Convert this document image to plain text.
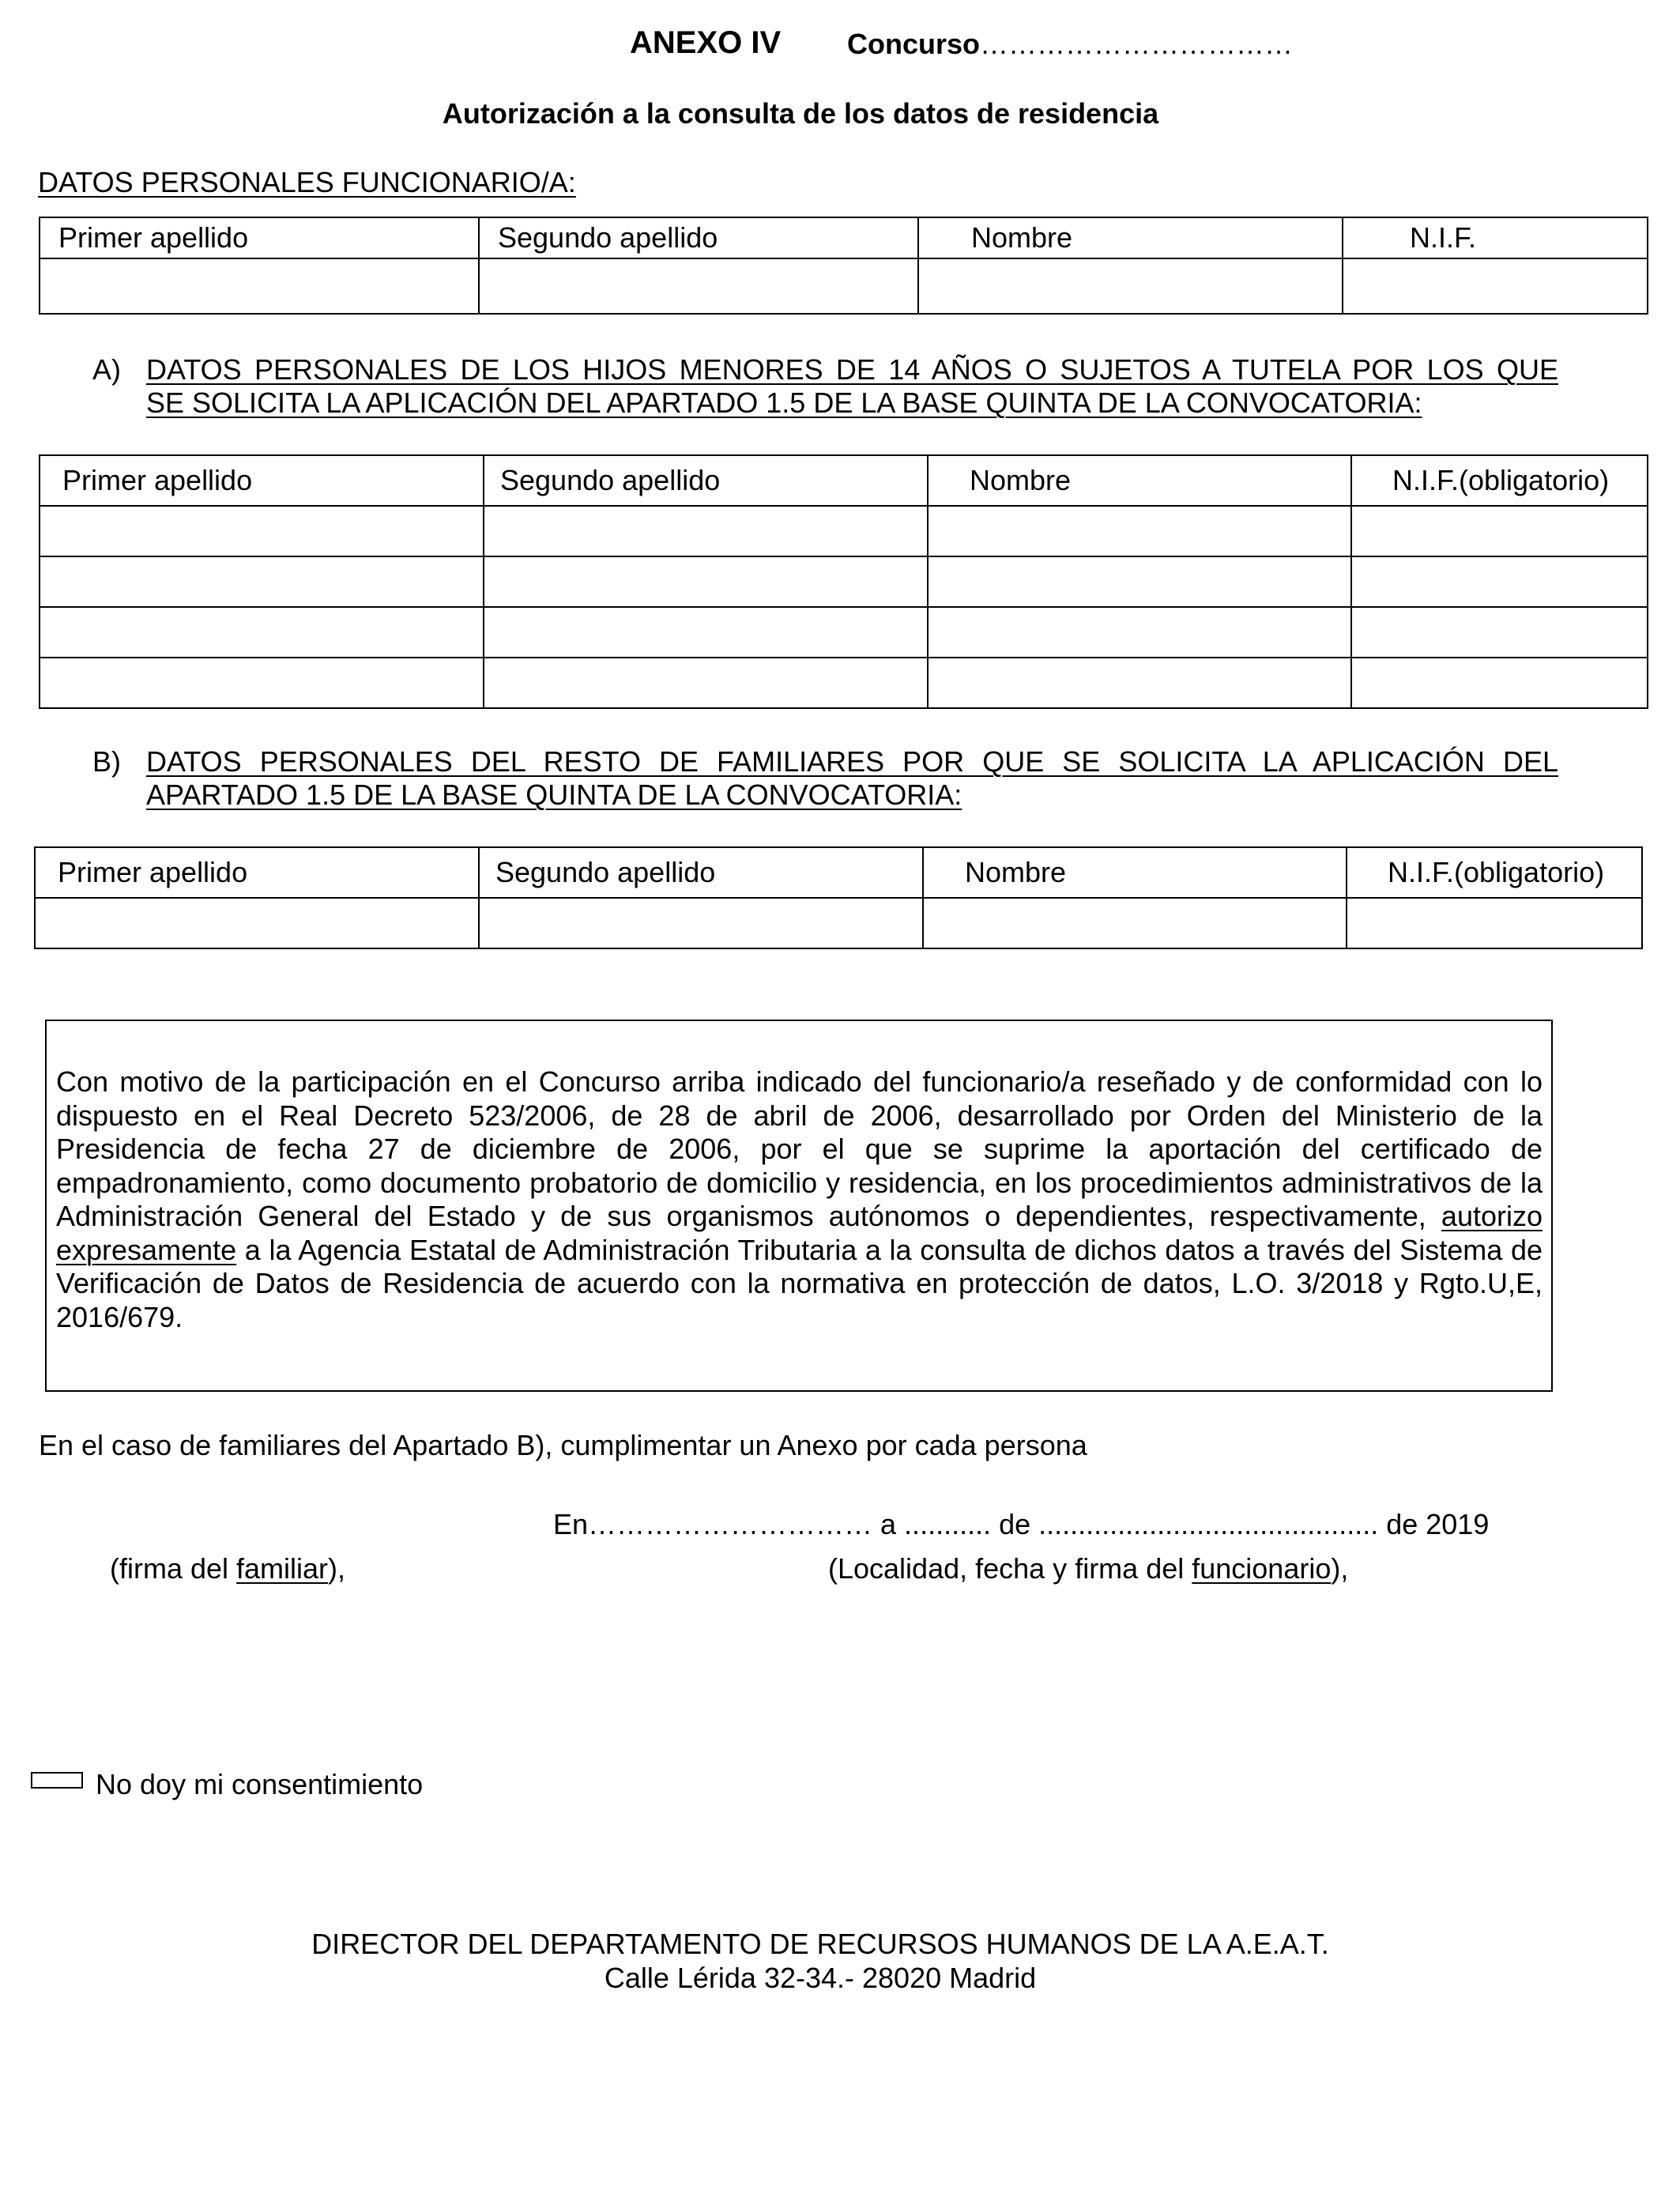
ANEXO IV Concurso……………………………
Autorización a la consulta de los datos de residencia
DATOS PERSONALES FUNCIONARIO/A:
Primer apellido	Segundo apellido	Nombre	N.I.F.

A) DATOS PERSONALES DE LOS HIJOS MENORES DE 14 AÑOS O SUJETOS A TUTELA POR LOS QUE
SE SOLICITA LA APLICACIÓN DEL APARTADO 1.5 DE LA BASE QUINTA DE LA CONVOCATORIA:
Primer apellido	Segundo apellido	Nombre	N.I.F.(obligatorio)

B) DATOS PERSONALES DEL RESTO DE FAMILIARES POR QUE SE SOLICITA LA APLICACIÓN DEL
APARTADO 1.5 DE LA BASE QUINTA DE LA CONVOCATORIA:
Primer apellido	Segundo apellido	Nombre	N.I.F.(obligatorio)

Con motivo de la participación en el Concurso arriba indicado del funcionario/a reseñado y de conformidad con lo dispuesto en el Real Decreto 523/2006, de 28 de abril de 2006, desarrollado por Orden del Ministerio de la Presidencia de fecha 27 de diciembre de 2006, por el que se suprime la aportación del certificado de empadronamiento, como documento probatorio de domicilio y residencia, en los procedimientos administrativos de la Administración General del Estado y de sus organismos autónomos o dependientes, respectivamente, autorizo expresamente a la Agencia Estatal de Administración Tributaria a la consulta de dichos datos a través del Sistema de Verificación de Datos de Residencia de acuerdo con la normativa en protección de datos, L.O. 3/2018 y Rgto.U,E, 2016/679.
En el caso de familiares del Apartado B), cumplimentar un Anexo por cada persona
En………………………… a ........... de ........................................... de 2019
(firma del familiar),	(Localidad, fecha y firma del funcionario),
No doy mi consentimiento
DIRECTOR DEL DEPARTAMENTO DE RECURSOS HUMANOS DE LA A.E.A.T.
Calle Lérida 32-34.- 28020 Madrid
